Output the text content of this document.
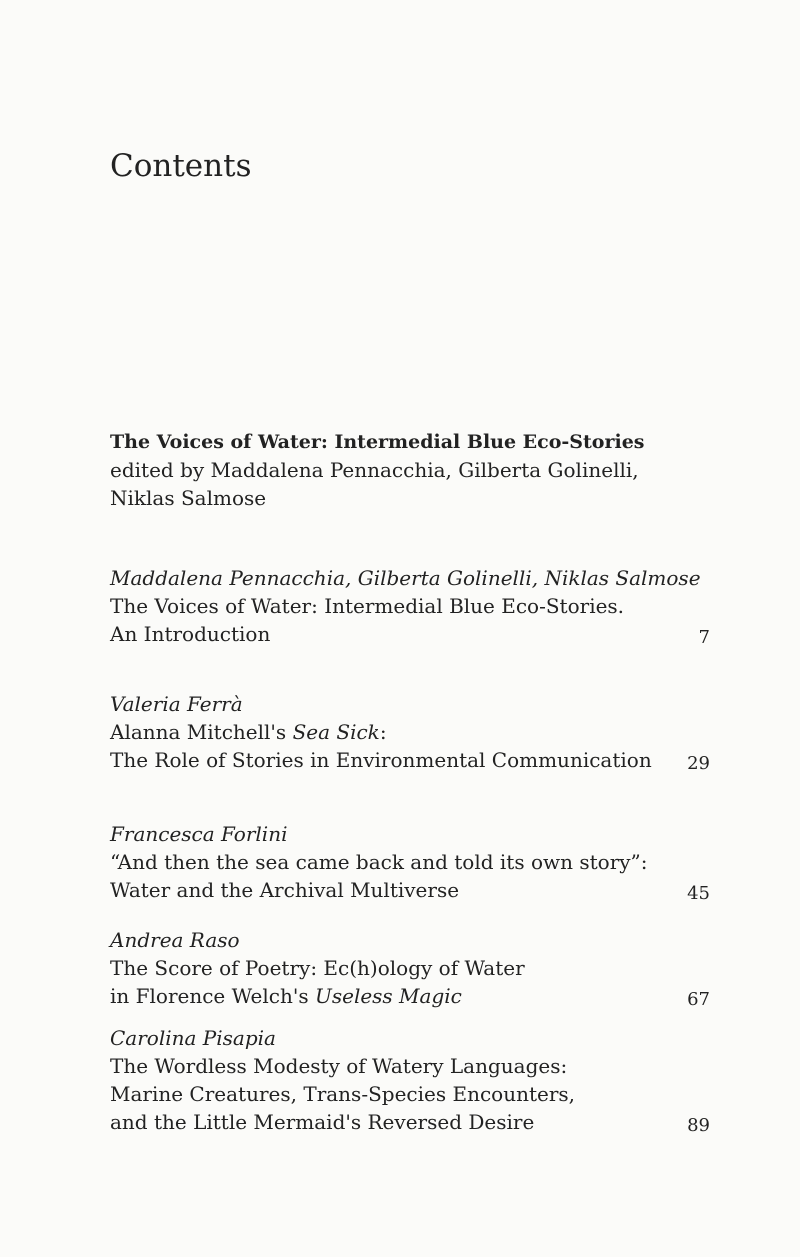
Contents
The Voices of Water: Intermedial Blue Eco-Stories
edited by Maddalena Pennacchia, Gilberta Golinelli,
Niklas Salmose
Maddalena Pennacchia, Gilberta Golinelli, Niklas Salmose
The Voices of Water: Intermedial Blue Eco-Stories.
An Introduction	7
Valeria Ferrà
Alanna Mitchell's Sea Sick:
The Role of Stories in Environmental Communication	29
Francesca Forlini
“And then the sea came back and told its own story”:
Water and the Archival Multiverse	45
Andrea Raso
The Score of Poetry: Ec(h)ology of Water
in Florence Welch's Useless Magic	67
Carolina Pisapia
The Wordless Modesty of Watery Languages:
Marine Creatures, Trans-Species Encounters,
and the Little Mermaid's Reversed Desire	89
